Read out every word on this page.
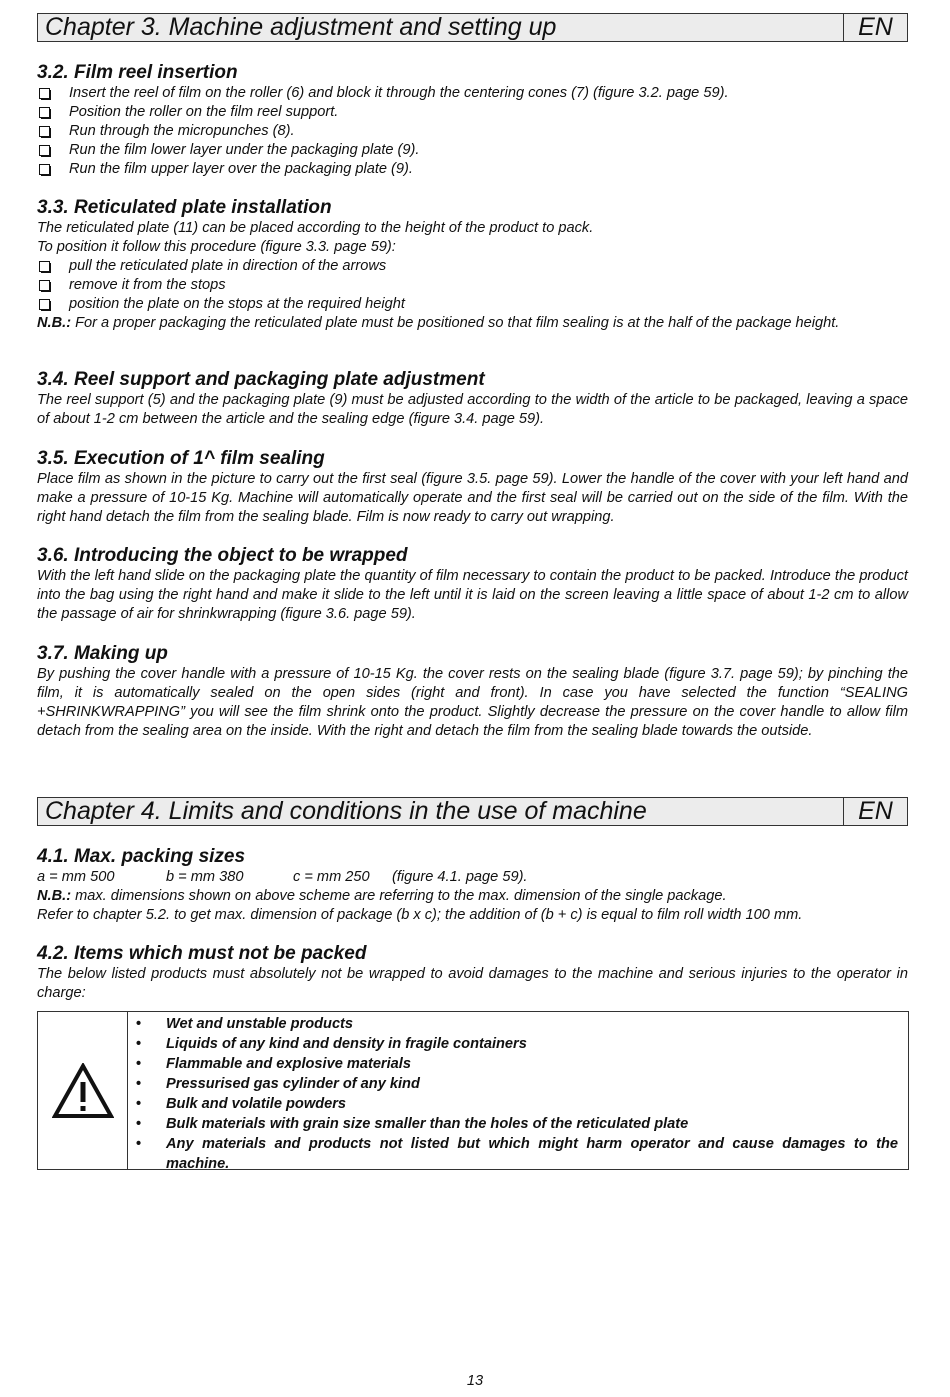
Chapter 3. Machine adjustment and setting up	EN
3.2. Film reel insertion
Insert the reel of film on the roller (6) and block it through the centering cones (7) (figure 3.2. page 59).
Position the roller on the film reel support.
Run through the micropunches (8).
Run the film lower layer under the packaging plate (9).
Run the film upper layer over the packaging plate (9).
3.3. Reticulated plate installation

The reticulated plate (11) can be placed according to the height of the product to pack.

To position it follow this procedure (figure 3.3. page 59):

pull the reticulated plate in direction of the arrows
remove it from the stops
position the plate on the stops at the required height

N.B.: For a proper packaging the reticulated plate must be positioned so that film sealing is at the half of the package height.

3.4. Reel support and packaging plate adjustment

The reel support (5) and the packaging plate (9) must be adjusted according to the width of the article to be packaged, leaving a space of about 1-2 cm between the article and the sealing edge (figure 3.4. page 59).

3.5. Execution of 1^ film sealing

Place film as shown in the picture to carry out the first seal (figure 3.5. page 59). Lower the handle of the cover with your left hand and make a pressure of 10-15 Kg. Machine will automatically operate and the first seal will be carried out on the side of the film. With the right hand detach the film from the sealing blade. Film is now ready to carry out wrapping.

3.6. Introducing the object to be wrapped

With the left hand slide on the packaging plate the quantity of film necessary to contain the product to be packed. Introduce the product into the bag using the right hand and make it slide to the left until it is laid on the screen leaving a little space of about 1-2 cm to allow the passage of air for shrinkwrapping (figure 3.6. page 59).

3.7. Making up

By pushing the cover handle with a pressure of 10-15 Kg. the cover rests on the sealing blade (figure 3.7. page 59); by pinching the film, it is automatically sealed on the open sides (right and front). In case you have selected the function “SEALING +SHRINKWRAPPING” you will see the film shrink onto the product. Slightly decrease the pressure on the cover handle to allow film detach from the sealing area on the inside. With the right and detach the film from the sealing blade towards the outside.

Chapter 4. Limits and conditions in the use of machine	EN
4.1. Max. packing sizes

a = mm 500	b = mm 380	c = mm 250	(figure 4.1. page 59).

N.B.: max. dimensions shown on above scheme are referring to the max. dimension of the single package.

Refer to chapter 5.2. to get max. dimension of package (b x c); the addition of (b + c) is equal to film roll width 100 mm.

4.2. Items which must not be packed

The below listed products must absolutely not be wrapped to avoid damages to the machine and serious injuries to the operator in charge:

• Wet and unstable products
• Liquids of any kind and density in fragile containers
• Flammable and explosive materials
• Pressurised gas cylinder of any kind
• Bulk and volatile powders
• Bulk materials with grain size smaller than the holes of the reticulated plate
• Any materials and products not listed but which might harm operator and cause damages to the machine.
13
